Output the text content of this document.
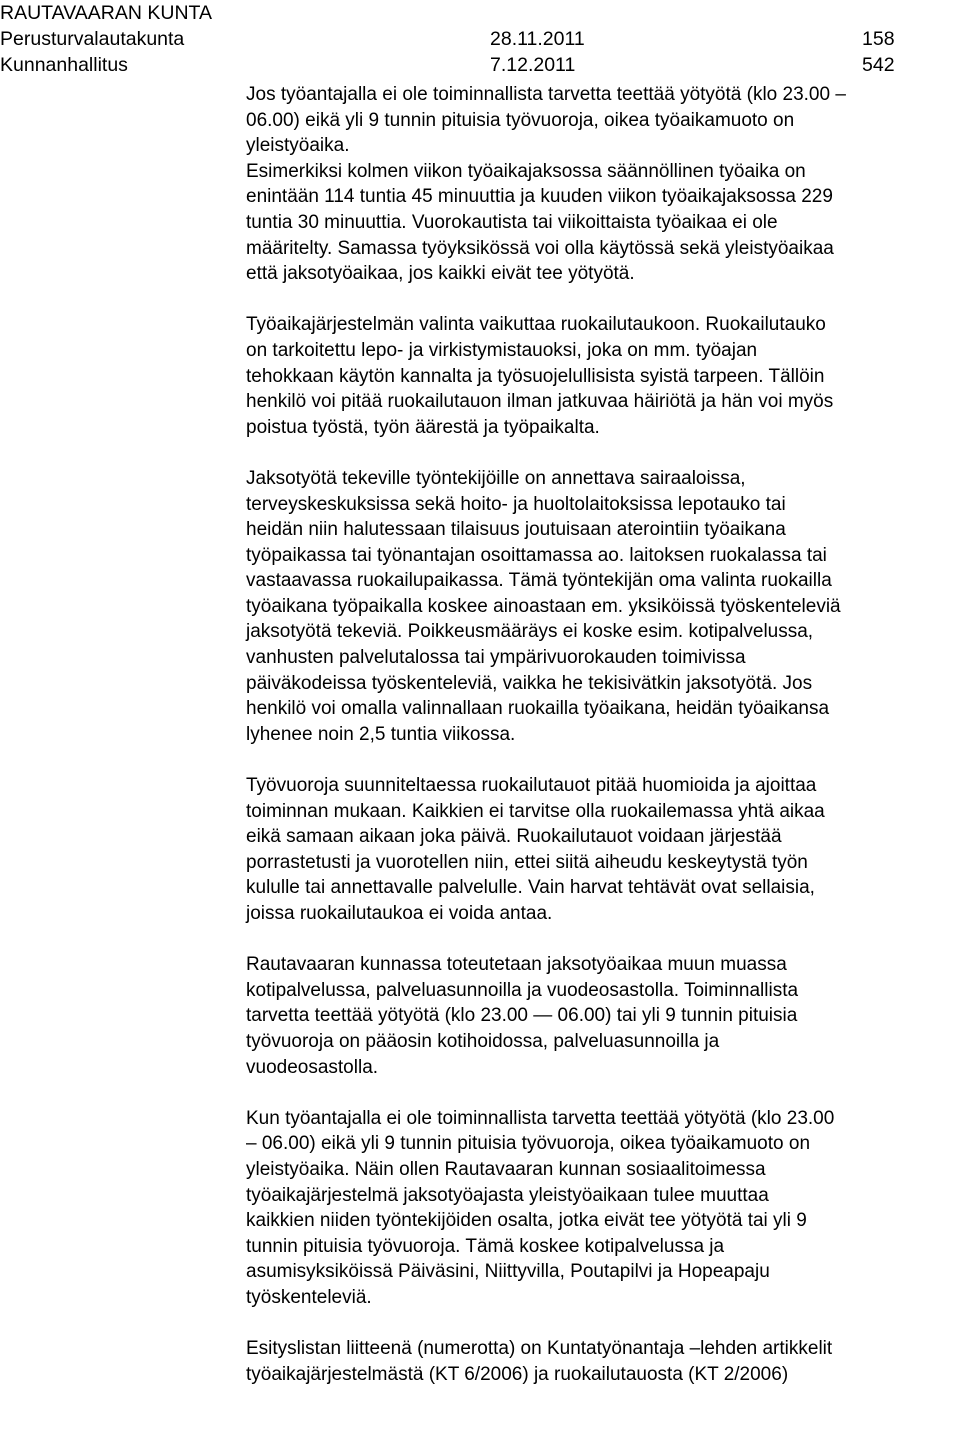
RAUTAVAARAN KUNTA
Perusturvalautakunta	28.11.2011	158
Kunnanhallitus	7.12.2011	542

Jos työantajalla ei ole toiminnallista tarvetta teettää yötyötä (klo 23.00 –
06.00) eikä yli 9 tunnin pituisia työvuoroja, oikea työaikamuoto on
yleistyöaika.
Esimerkiksi kolmen viikon työaikajaksossa säännöllinen työaika on
enintään 114 tuntia 45 minuuttia ja kuuden viikon työaikajaksossa 229
tuntia 30 minuuttia. Vuorokautista tai viikoittaista työaikaa ei ole
määritelty. Samassa työyksikössä voi olla käytössä sekä yleistyöaikaa
että jaksotyöaikaa, jos kaikki eivät tee yötyötä.

Työaikajärjestelmän valinta vaikuttaa ruokailutaukoon. Ruokailutauko
on tarkoitettu lepo- ja virkistymistauoksi, joka on mm. työajan
tehokkaan käytön kannalta ja työsuojelullisista syistä tarpeen. Tällöin
henkilö voi pitää ruokailutauon ilman jatkuvaa häiriötä ja hän voi myös
poistua työstä, työn äärestä ja työpaikalta.

Jaksotyötä tekeville työntekijöille on annettava sairaaloissa,
terveyskeskuksissa sekä hoito- ja huoltolaitoksissa lepotauko tai
heidän niin halutessaan tilaisuus joutuisaan aterointiin työaikana
työpaikassa tai työnantajan osoittamassa ao. laitoksen ruokalassa tai
vastaavassa ruokailupaikassa. Tämä työntekijän oma valinta ruokailla
työaikana työpaikalla koskee ainoastaan em. yksiköissä työskenteleviä
jaksotyötä tekeviä. Poikkeusmääräys ei koske esim. kotipalvelussa,
vanhusten palvelutalossa tai ympärivuorokauden toimivissa
päiväkodeissa työskenteleviä, vaikka he tekisivätkin jaksotyötä. Jos
henkilö voi omalla valinnallaan ruokailla työaikana, heidän työaikansa
lyhenee noin 2,5 tuntia viikossa.

Työvuoroja suunniteltaessa ruokailutauot pitää huomioida ja ajoittaa
toiminnan mukaan. Kaikkien ei tarvitse olla ruokailemassa yhtä aikaa
eikä samaan aikaan joka päivä. Ruokailutauot voidaan järjestää
porrastetusti ja vuorotellen niin, ettei siitä aiheudu keskeytystä työn
kululle tai annettavalle palvelulle. Vain harvat tehtävät ovat sellaisia,
joissa ruokailutaukoa ei voida antaa.

Rautavaaran kunnassa toteutetaan jaksotyöaikaa muun muassa
kotipalvelussa, palveluasunnoilla ja vuodeosastolla. Toiminnallista
tarvetta teettää yötyötä (klo 23.00 — 06.00) tai yli 9 tunnin pituisia
työvuoroja on pääosin kotihoidossa, palveluasunnoilla ja
vuodeosastolla.

Kun työantajalla ei ole toiminnallista tarvetta teettää yötyötä (klo 23.00
– 06.00) eikä yli 9 tunnin pituisia työvuoroja, oikea työaikamuoto on
yleistyöaika. Näin ollen Rautavaaran kunnan sosiaalitoimessa
työaikajärjestelmä jaksotyöajasta yleistyöaikaan tulee muuttaa
kaikkien niiden työntekijöiden osalta, jotka eivät tee yötyötä tai yli 9
tunnin pituisia työvuoroja. Tämä koskee kotipalvelussa ja
asumisyksiköissä Päiväsini, Niittyvilla, Poutapilvi ja Hopeapaju
työskenteleviä.

Esityslistan liitteenä (numerotta) on Kuntatyönantaja –lehden artikkelit
työaikajärjestelmästä (KT 6/2006) ja ruokailutauosta (KT 2/2006)
